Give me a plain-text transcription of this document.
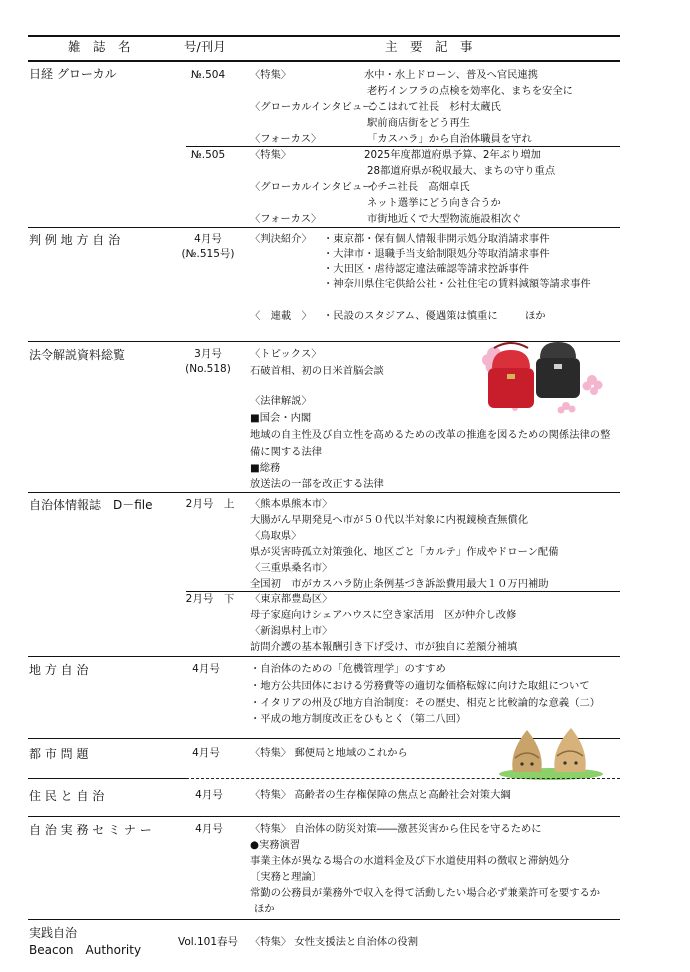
雑　誌　名	号/刊月	主　要　記　事
日経 グローカル	№.504	〈特集〉	水中・水上ドローン、普及へ官民連携
老朽インフラの点検を効率化、まちを安全に
〈グローカルインタビュー〉
ここはれて社長　杉村太蔵氏
駅前商店街をどう再生
〈フォーカス〉	「カスハラ」から自治体職員を守れ
№.505	〈特集〉	2025年度都道府県予算、2年ぶり増加
28都道府県が税収最大、まちの守り重点
〈グローカルインタビュー〉
イチニ社長　高畑卓氏
ネット選挙にどう向き合うか
〈フォーカス〉	市街地近くで大型物流施設相次ぐ
判 例 地 方 自 治	4月号
(№.515号)
〈判決紹介〉 ・東京都・保有個人情報非開示処分取消請求事件
・大津市・退職手当支給制限処分等取消請求事件
・大田区・虐待認定違法確認等請求控訴事件
・神奈川県住宅供給公社・公社住宅の賃料減額等請求事件
〈　連載　〉 ・民設のスタジアム、優遇策は慎重に	ほか
法令解説資料総覧	3月号
(No.518)
〈トピックス〉
石破首相、初の日米首脳会談
〈法律解説〉
■国会・内閣
地域の自主性及び自立性を高めるための改革の推進を図るための関係法律の整
備に関する法律
■総務
放送法の一部を改正する法律
自治体情報誌　D－file	2月号　上	〈熊本県熊本市〉
大腸がん早期発見へ市が５０代以半対象に内視鏡検査無償化
〈鳥取県〉
県が災害時孤立対策強化、地区ごと「カルテ」作成やドローン配備
〈三重県桑名市〉
全国初　市がカスハラ防止条例基づき訴訟費用最大１０万円補助
2月号　下	〈東京都豊島区〉
母子家庭向けシェアハウスに空き家活用　区が仲介し改修
〈新潟県村上市〉
訪問介護の基本報酬引き下げ受け、市が独自に差額分補填
地 方 自 治	4月号	・自治体のための「危機管理学」のすすめ
・地方公共団体における労務費等の適切な価格転嫁に向けた取組について
・イタリアの州及び地方自治制度：その歴史、相克と比較論的な意義（二）
・平成の地方制度改正をひもとく（第二八回）
都 市 問 題	4月号	〈特集〉 郵便局と地域のこれから
住 民 と 自 治	4月号	〈特集〉 高齢者の生存権保障の焦点と高齢社会対策大綱
自 治 実 務 セ ミ ナ ー	4月号	〈特集〉 自治体の防災対策――激甚災害から住民を守るために
●実務演習
事業主体が異なる場合の水道料金及び下水道使用料の徴収と滞納処分
〔実務と理論〕
常勤の公務員が業務外で収入を得て活動したい場合必ず兼業許可を要するか
ほか
実践自治
Beacon　Authority
Vol.101春号	〈特集〉 女性支援法と自治体の役割
